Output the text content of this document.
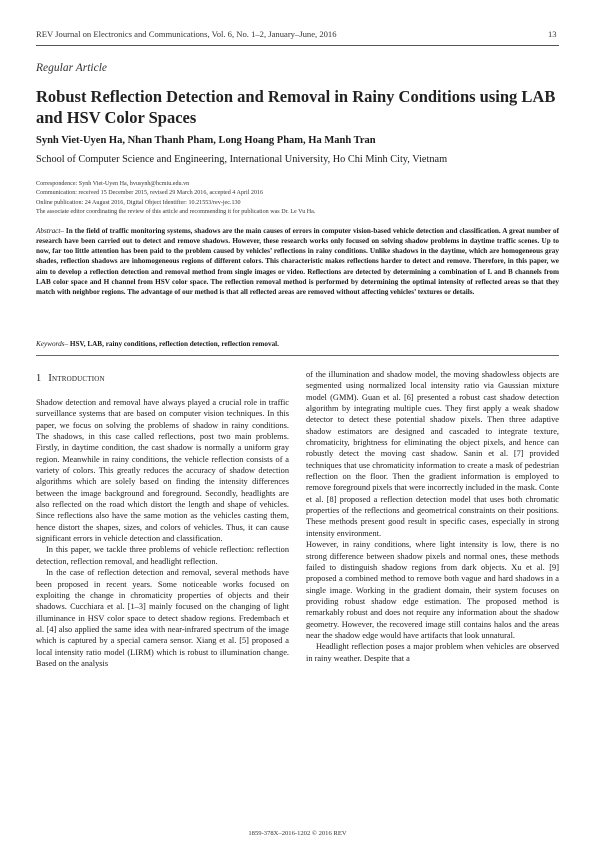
REV Journal on Electronics and Communications, Vol. 6, No. 1–2, January–June, 2016	13
Regular Article
Robust Reflection Detection and Removal in Rainy Conditions using LAB and HSV Color Spaces
Synh Viet-Uyen Ha, Nhan Thanh Pham, Long Hoang Pham, Ha Manh Tran
School of Computer Science and Engineering, International University, Ho Chi Minh City, Vietnam
Correspondence: Synh Viet-Uyen Ha, hvusynh@hcmiu.edu.vn
Communication: received 15 December 2015, revised 29 March 2016, accepted 4 April 2016
Online publication: 24 August 2016, Digital Object Identifier: 10.21553/rev-jec.130
The associate editor coordinating the review of this article and recommending it for publication was Dr. Le Vu Ha.
Abstract– In the field of traffic monitoring systems, shadows are the main causes of errors in computer vision-based vehicle detection and classification. A great number of research have been carried out to detect and remove shadows. However, these research works only focused on solving shadow problems in daytime traffic scenes. Up to now, far too little attention has been paid to the problem caused by vehicles’ reflections in rainy conditions. Unlike shadows in the daytime, which are homogeneous gray shades, reflection shadows are inhomogeneous regions of different colors. This characteristic makes reflections harder to detect and remove. Therefore, in this paper, we aim to develop a reflection detection and removal method from single images or video. Reflections are detected by determining a combination of L and B channels from LAB color space and H channel from HSV color space. The reflection removal method is performed by determining the optimal intensity of reflected areas so that they match with neighbor regions. The advantage of our method is that all reflected areas are removed without affecting vehicles’ textures or details.
Keywords– HSV, LAB, rainy conditions, reflection detection, reflection removal.
1 Introduction

Shadow detection and removal have always played a crucial role in traffic surveillance systems that are based on computer vision techniques. In this paper, we focus on solving the problems of shadow in rainy conditions. The shadows, in this case called reflections, post two main problems. Firstly, in daytime condition, the cast shadow is normally a uniform gray region. Meanwhile in rainy conditions, the vehicle reflection consists of a variety of colors. This greatly reduces the accuracy of shadow detection algorithms which are solely based on finding the intensity differences between the image background and foreground. Secondly, headlights are also reflected on the road which distort the length and shape of vehicles. Since reflections also have the same motion as the vehicles casting them, hence distort the shapes, sizes, and colors of vehicles. Thus, it can cause significant errors in vehicle detection and classification.

In this paper, we tackle three problems of vehicle reflection: reflection detection, reflection removal, and headlight reflection.

In the case of reflection detection and removal, several methods have been proposed in recent years. Some noticeable works focused on exploiting the change in chromaticity properties of objects and their shadows. Cucchiara et al. [1–3] mainly focused on the changing of light illuminance in HSV color space to detect shadow regions. Fredembach et al. [4] also applied the same idea with near-infrared spectrum of the image which is captured by a special camera sensor. Xiang et al. [5] proposed a local intensity ratio model (LIRM) which is robust to illumination change. Based on the analysis

of the illumination and shadow model, the moving shadowless objects are segmented using normalized local intensity ratio via Gaussian mixture model (GMM). Guan et al. [6] presented a robust cast shadow detection algorithm by integrating multiple cues. They first apply a weak shadow detector to detect these potential shadow pixels. Then three adaptive shadow estimators are designed and cascaded to integrate texture, chromaticity, brightness for eliminating the object pixels, and hence can robustly detect the moving cast shadow. Sanin et al. [7] provided techniques that use chromaticity information to create a mask of pedestrian reflection on the floor. Then the gradient information is employed to remove foreground pixels that were incorrectly included in the mask. Conte et al. [8] proposed a reflection detection model that uses both chromatic properties of the reflections and geometrical constraints on their positions. These methods present good result in specific cases, especially in strong intensity environment.

However, in rainy conditions, where light intensity is low, there is no strong difference between shadow pixels and normal ones, these methods failed to distinguish shadow regions from dark objects. Xu et al. [9] proposed a combined method to remove both vague and hard shadows in a single image. Working in the gradient domain, their system focuses on providing robust shadow edge estimation. The proposed method is remarkably robust and does not require any information about the shadow geometry. However, the recovered image still contains halos and the areas near the shadow edge would have artifacts that look unnatural.

Headlight reflection poses a major problem when vehicles are observed in rainy weather. Despite that a

1859-378X–2016-1202 © 2016 REV
